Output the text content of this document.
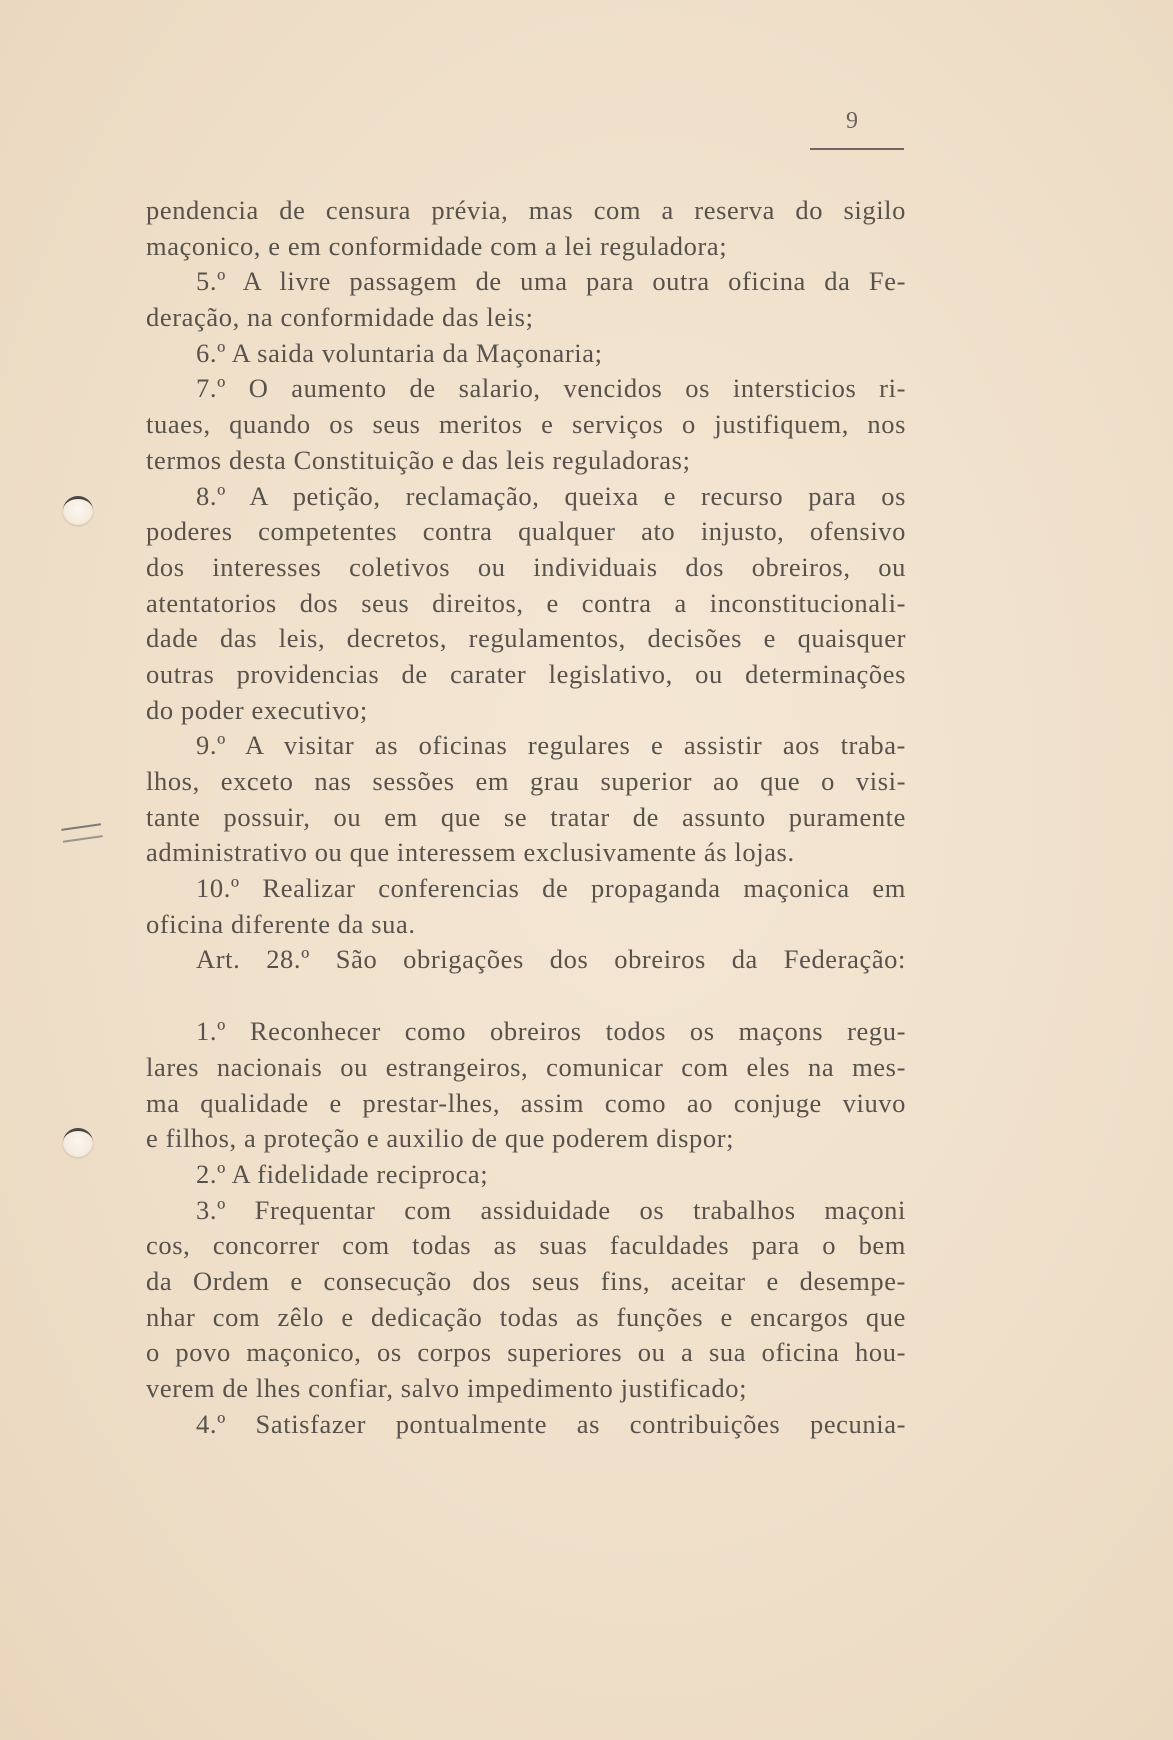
9
pendencia de censura prévia, mas com a reserva do sigilo
maçonico, e em conformidade com a lei reguladora;
5.º A livre passagem de uma para outra oficina da Fe-
deração, na conformidade das leis;
6.º A saida voluntaria da Maçonaria;
7.º O aumento de salario, vencidos os intersticios ri-
tuaes, quando os seus meritos e serviços o justifiquem, nos
termos desta Constituição e das leis reguladoras;
8.º A petição, reclamação, queixa e recurso para os
poderes competentes contra qualquer ato injusto, ofensivo
dos interesses coletivos ou individuais dos obreiros, ou
atentatorios dos seus direitos, e contra a inconstitucionali-
dade das leis, decretos, regulamentos, decisões e quaisquer
outras providencias de carater legislativo, ou determinações
do poder executivo;
9.º A visitar as oficinas regulares e assistir aos traba-
lhos, exceto nas sessões em grau superior ao que o visi-
tante possuir, ou em que se tratar de assunto puramente
administrativo ou que interessem exclusivamente ás lojas.
10.º Realizar conferencias de propaganda maçonica em
oficina diferente da sua.
Art. 28.º São obrigações dos obreiros da Federação:
1.º Reconhecer como obreiros todos os maçons regu-
lares nacionais ou estrangeiros, comunicar com eles na mes-
ma qualidade e prestar-lhes, assim como ao conjuge viuvo
e filhos, a proteção e auxilio de que poderem dispor;
2.º A fidelidade reciproca;
3.º Frequentar com assiduidade os trabalhos maçoni
cos, concorrer com todas as suas faculdades para o bem
da Ordem e consecução dos seus fins, aceitar e desempe-
nhar com zêlo e dedicação todas as funções e encargos que
o povo maçonico, os corpos superiores ou a sua oficina hou-
verem de lhes confiar, salvo impedimento justificado;
4.º Satisfazer pontualmente as contribuições pecunia-
